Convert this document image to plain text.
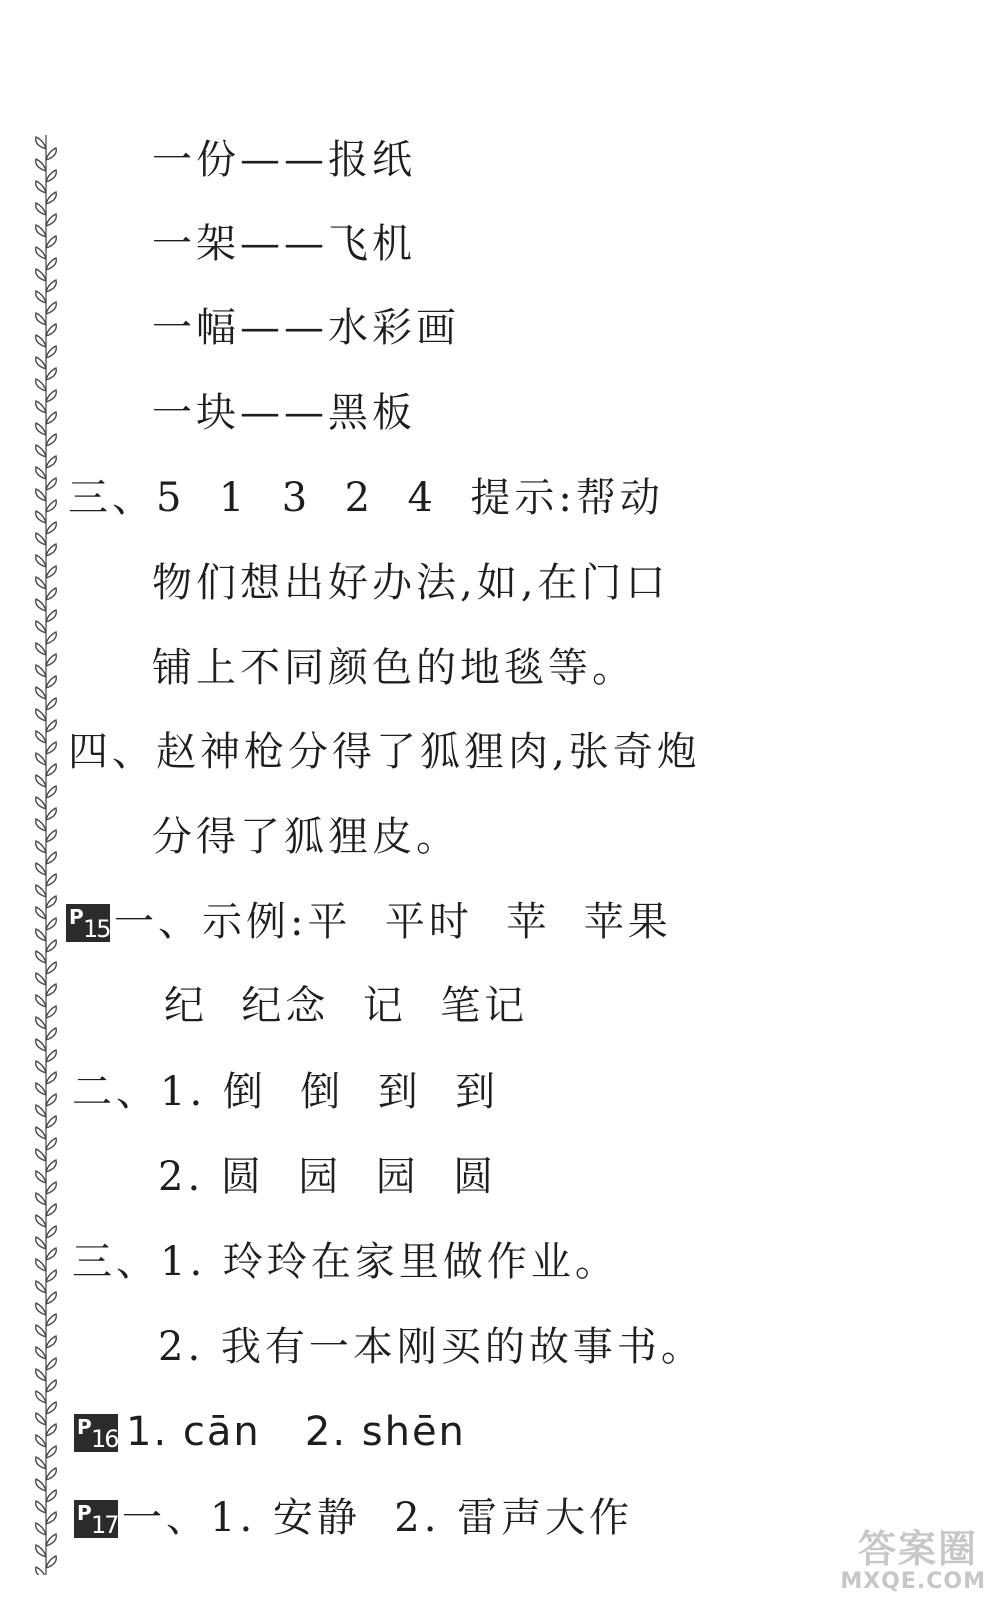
一份——报纸
一架——飞机
一幅——水彩画
一块——黑板
三、5  1  3  2  4  提示:帮动
物们想出好办法,如,在门口
铺上不同颜色的地毯等。
四、赵神枪分得了狐狸肉,张奇炮
分得了狐狸皮。
P 15 一、示例:平  平时  苹  苹果
纪  纪念  记  笔记
二、1. 倒  倒  到  到
2. 圆  园  园  圆
三、1. 玲玲在家里做作业。
2. 我有一本刚买的故事书。
P 16 1. cān   2. shēn
P 17 一、1. 安静  2. 雷声大作
答案圈
MXQE.COM
